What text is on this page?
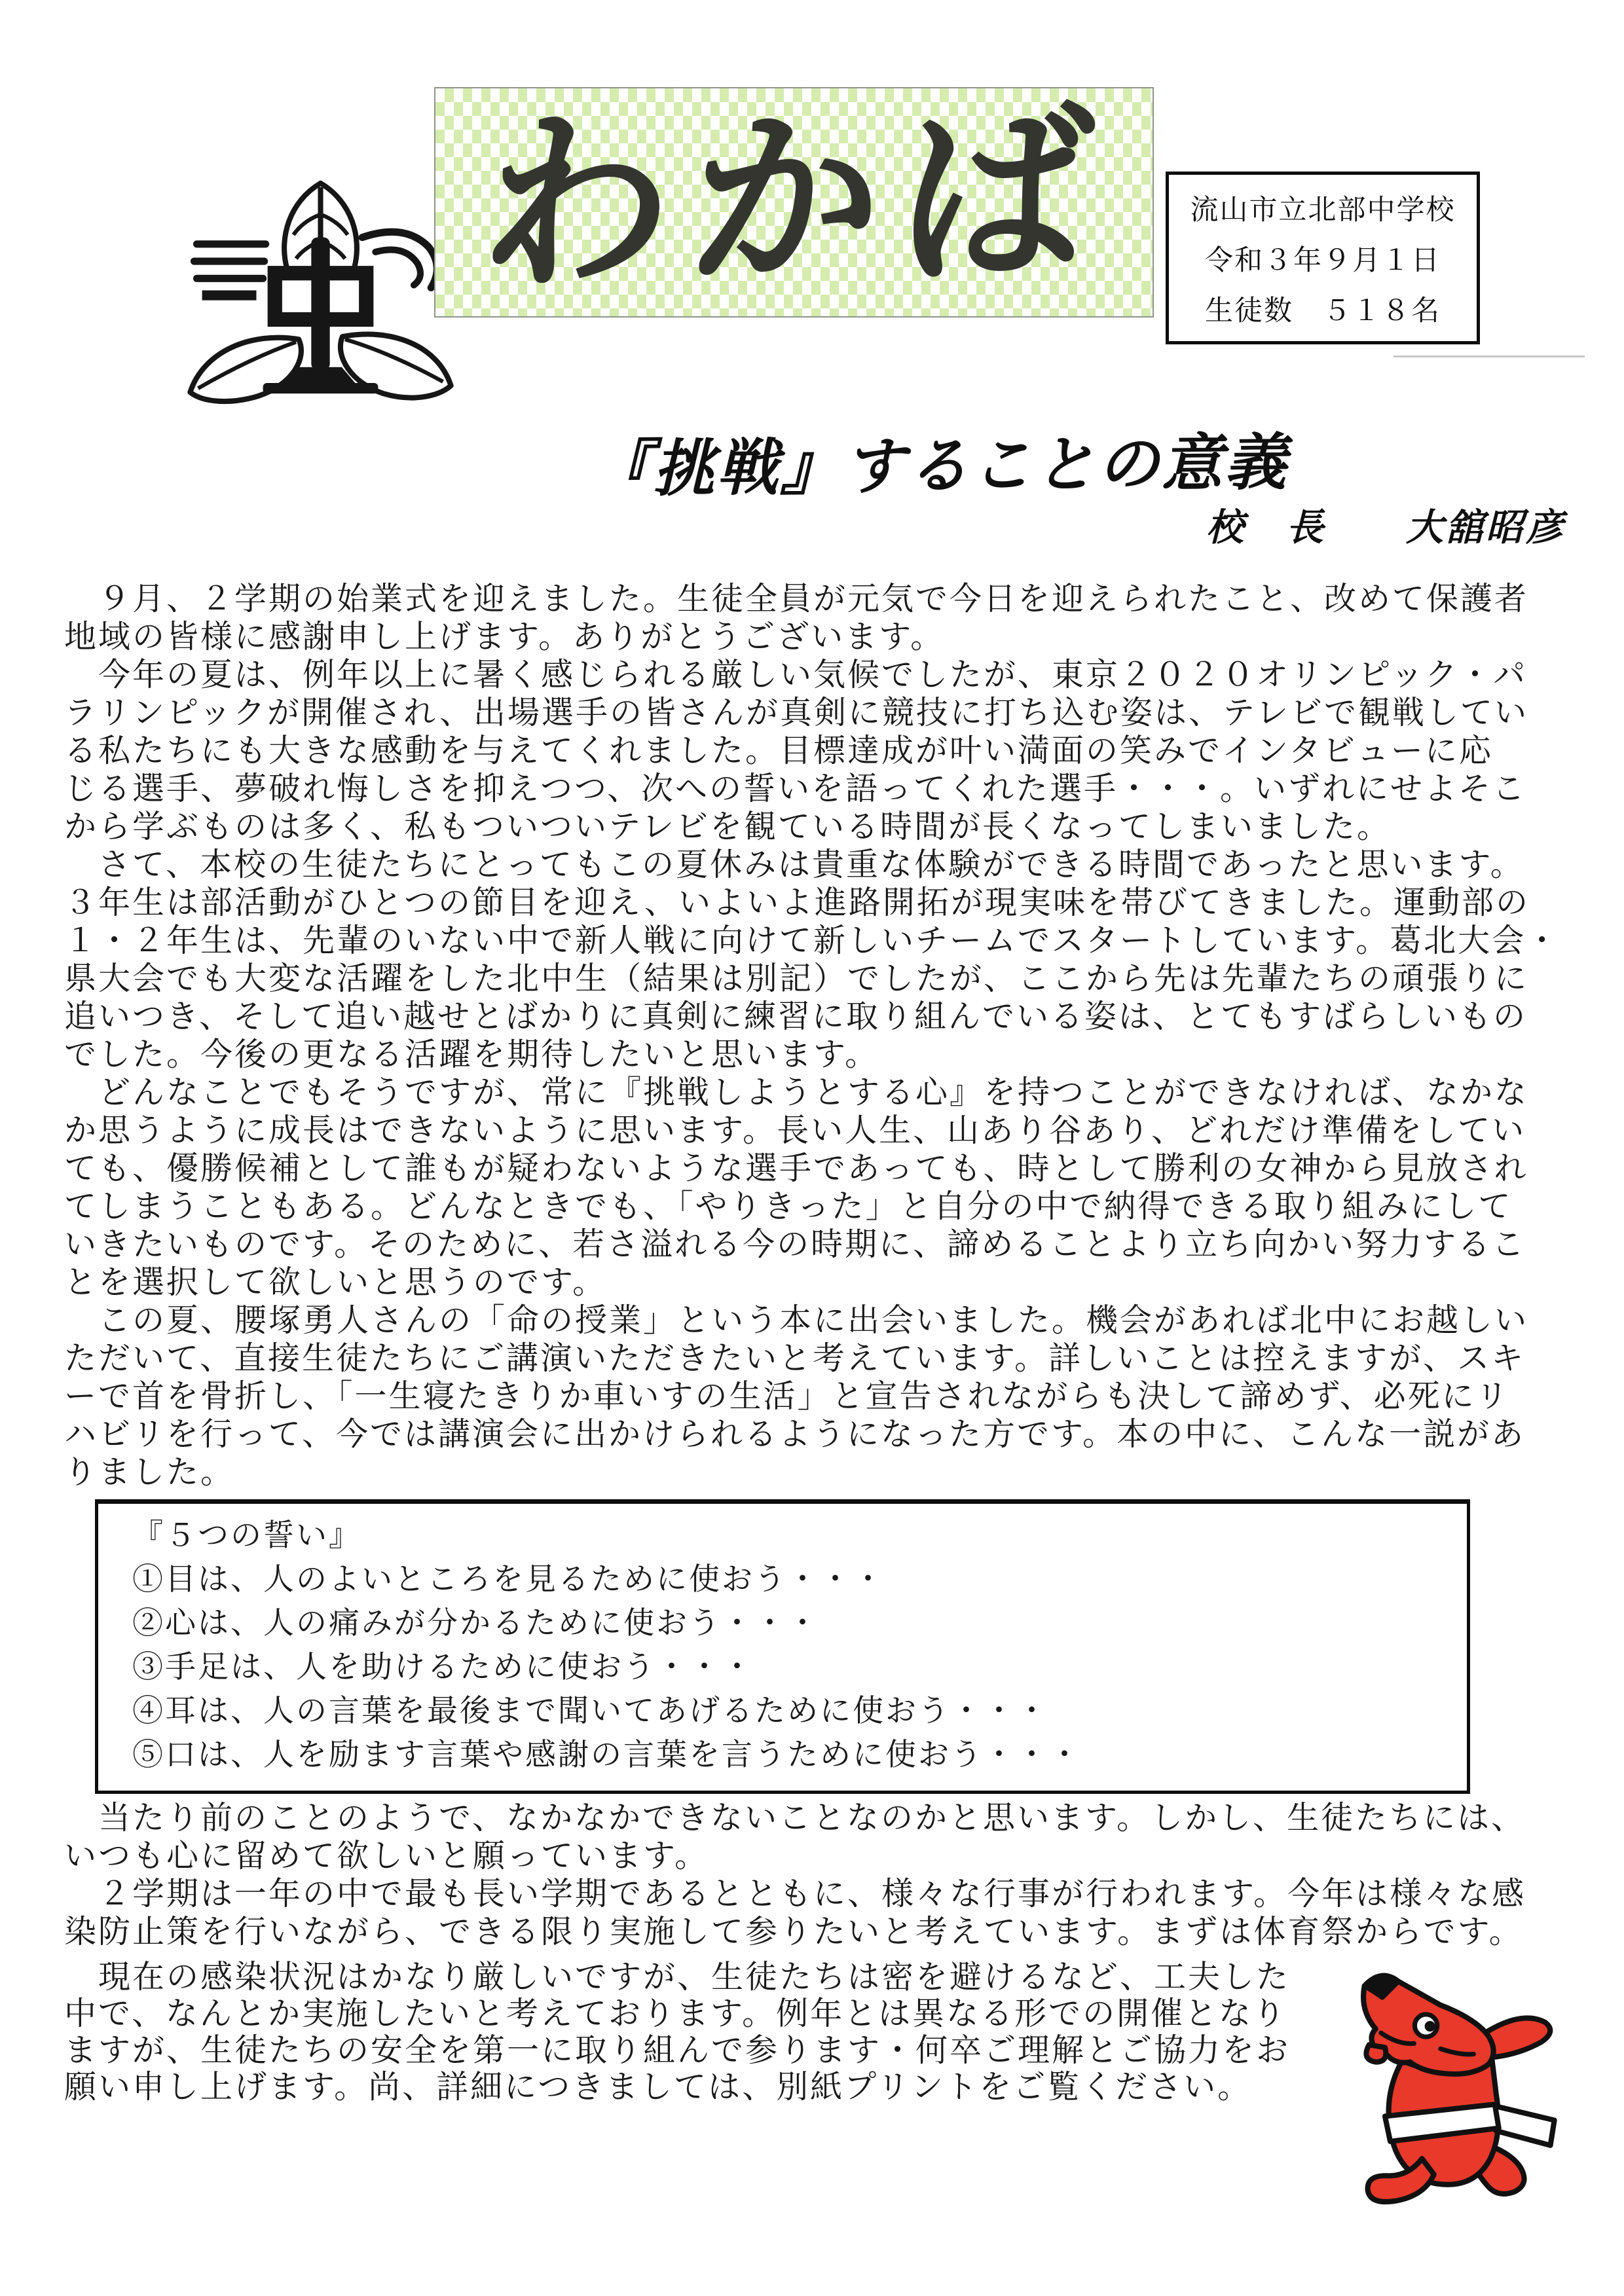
わかば	流山市立北部中学校
令和３年９月１日
生徒数　５１８名
『挑戦』することの意義
校　長　　大舘昭彦
　９月、２学期の始業式を迎えました。生徒全員が元気で今日を迎えられたこと、改めて保護者
地域の皆様に感謝申し上げます。ありがとうございます。
　今年の夏は、例年以上に暑く感じられる厳しい気候でしたが、東京２０２０オリンピック・パ
ラリンピックが開催され、出場選手の皆さんが真剣に競技に打ち込む姿は、テレビで観戦してい
る私たちにも大きな感動を与えてくれました。目標達成が叶い満面の笑みでインタビューに応
じる選手、夢破れ悔しさを抑えつつ、次への誓いを語ってくれた選手・・・。いずれにせよそこ
から学ぶものは多く、私もついついテレビを観ている時間が長くなってしまいました。
　さて、本校の生徒たちにとってもこの夏休みは貴重な体験ができる時間であったと思います。
３年生は部活動がひとつの節目を迎え、いよいよ進路開拓が現実味を帯びてきました。運動部の
１・２年生は、先輩のいない中で新人戦に向けて新しいチームでスタートしています。葛北大会・
県大会でも大変な活躍をした北中生（結果は別記）でしたが、ここから先は先輩たちの頑張りに
追いつき、そして追い越せとばかりに真剣に練習に取り組んでいる姿は、とてもすばらしいもの
でした。今後の更なる活躍を期待したいと思います。
　どんなことでもそうですが、常に『挑戦しようとする心』を持つことができなければ、なかな
か思うように成長はできないように思います。長い人生、山あり谷あり、どれだけ準備をしてい
ても、優勝候補として誰もが疑わないような選手であっても、時として勝利の女神から見放され
てしまうこともある。どんなときでも、「やりきった」と自分の中で納得できる取り組みにして
いきたいものです。そのために、若さ溢れる今の時期に、諦めることより立ち向かい努力するこ
とを選択して欲しいと思うのです。
　この夏、腰塚勇人さんの「命の授業」という本に出会いました。機会があれば北中にお越しい
ただいて、直接生徒たちにご講演いただきたいと考えています。詳しいことは控えますが、スキ
ーで首を骨折し、「一生寝たきりか車いすの生活」と宣告されながらも決して諦めず、必死にリ
ハビリを行って、今では講演会に出かけられるようになった方です。本の中に、こんな一説があ
りました。
『５つの誓い』
①目は、人のよいところを見るために使おう・・・
②心は、人の痛みが分かるために使おう・・・
③手足は、人を助けるために使おう・・・
④耳は、人の言葉を最後まで聞いてあげるために使おう・・・
⑤口は、人を励ます言葉や感謝の言葉を言うために使おう・・・
　当たり前のことのようで、なかなかできないことなのかと思います。しかし、生徒たちには、
いつも心に留めて欲しいと願っています。
　２学期は一年の中で最も長い学期であるとともに、様々な行事が行われます。今年は様々な感
染防止策を行いながら、できる限り実施して参りたいと考えています。まずは体育祭からです。
　現在の感染状況はかなり厳しいですが、生徒たちは密を避けるなど、工夫した
中で、なんとか実施したいと考えております。例年とは異なる形での開催となり
ますが、生徒たちの安全を第一に取り組んで参ります・何卒ご理解とご協力をお
願い申し上げます。尚、詳細につきましては、別紙プリントをご覧ください。
